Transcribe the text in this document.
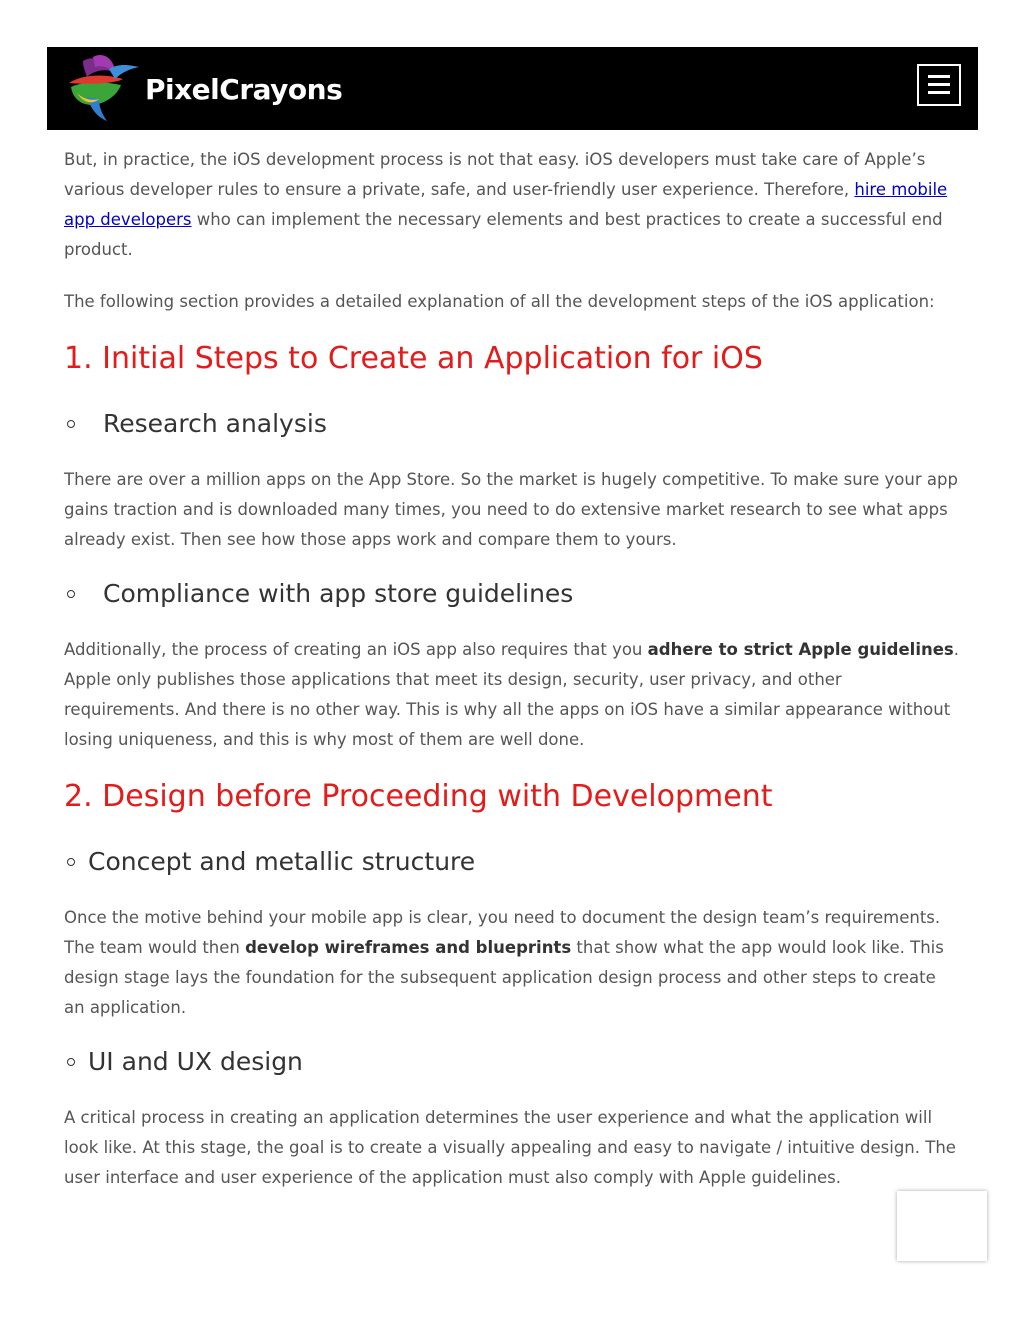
PixelCrayons

But, in practice, the iOS development process is not that easy. iOS developers must take care of Apple’s various developer rules to ensure a private, safe, and user-friendly user experience. Therefore, hire mobile app developers who can implement the necessary elements and best practices to create a successful end product.

The following section provides a detailed explanation of all the development steps of the iOS application:

1. Initial Steps to Create an Application for iOS
Research analysis

There are over a million apps on the App Store. So the market is hugely competitive. To make sure your app gains traction and is downloaded many times, you need to do extensive market research to see what apps already exist. Then see how those apps work and compare them to yours.

Compliance with app store guidelines

Additionally, the process of creating an iOS app also requires that you adhere to strict Apple guidelines. Apple only publishes those applications that meet its design, security, user privacy, and other requirements. And there is no other way. This is why all the apps on iOS have a similar appearance without losing uniqueness, and this is why most of them are well done.

2. Design before Proceeding with Development
Concept and metallic structure

Once the motive behind your mobile app is clear, you need to document the design team’s requirements. The team would then develop wireframes and blueprints that show what the app would look like. This design stage lays the foundation for the subsequent application design process and other steps to create an application.

UI and UX design

A critical process in creating an application determines the user experience and what the application will look like. At this stage, the goal is to create a visually appealing and easy to navigate / intuitive design. The user interface and user experience of the application must also comply with Apple guidelines.
